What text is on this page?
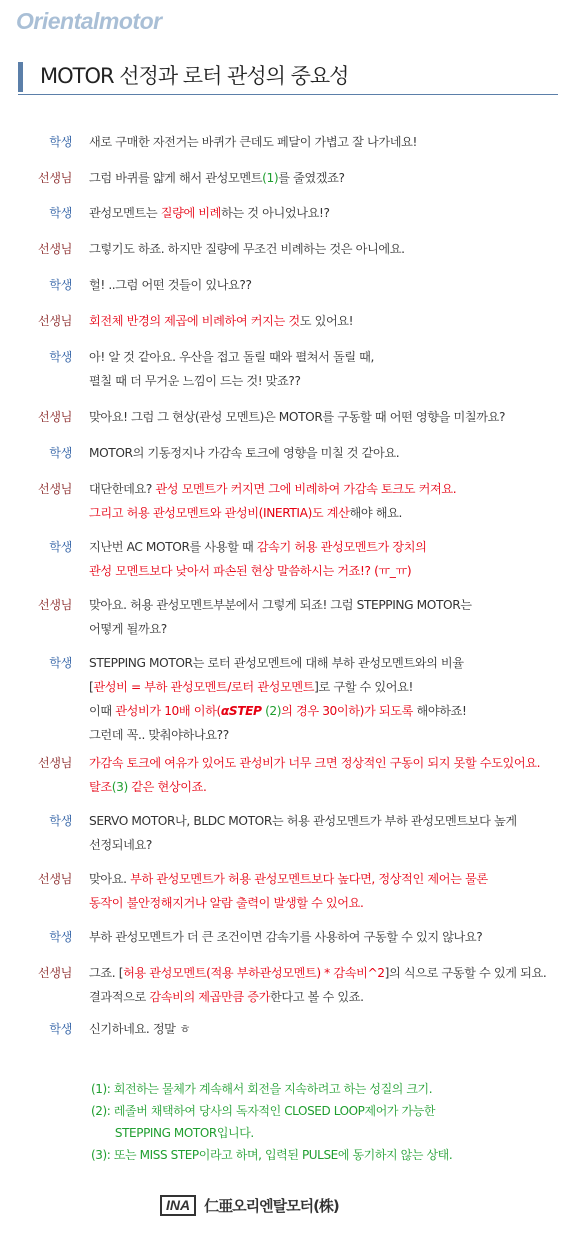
Orientalmotor
MOTOR 선정과 로터 관성의 중요성
학생 새로 구매한 자전거는 바퀴가 큰데도 페달이 가볍고 잘 나가네요!
선생님 그럼 바퀴를 얇게 해서 관성모멘트(1)를 줄였겠죠?
학생 관성모멘트는 질량에 비례하는 것 아니었나요!?
선생님 그렇기도 하죠. 하지만 질량에 무조건 비례하는 것은 아니에요.
학생 헐! ..그럼 어떤 것들이 있나요??
선생님 회전체 반경의 제곱에 비례하여 커지는 것도 있어요!
학생 아! 알 것 같아요. 우산을 접고 돌릴 때와 펼쳐서 돌릴 때,
펼칠 때 더 무거운 느낌이 드는 것! 맞죠??
선생님 맞아요! 그럼 그 현상(관성 모멘트)은 MOTOR를 구동할 때 어떤 영향을 미칠까요?
학생 MOTOR의 기동정지나 가감속 토크에 영향을 미칠 것 같아요.
선생님 대단한데요? 관성 모멘트가 커지면 그에 비례하여 가감속 토크도 커져요.
그리고 허용 관성모멘트와 관성비(INERTIA)도 계산해야 해요.
학생 지난번 AC MOTOR를 사용할 때 감속기 허용 관성모멘트가 장치의
관성 모멘트보다 낮아서 파손된 현상 말씀하시는 거죠!? (ㅠ_ㅠ)
선생님 맞아요. 허용 관성모멘트부분에서 그렇게 되죠! 그럼 STEPPING MOTOR는
어떻게 될까요?
학생 STEPPING MOTOR는 로터 관성모멘트에 대해 부하 관성모멘트와의 비율
[관성비 = 부하 관성모멘트/로터 관성모멘트]로 구할 수 있어요!
이때 관성비가 10배 이하(αSTEP (2)의 경우 30이하)가 되도록 해야하죠!
그런데 꼭.. 맞춰야하나요??
선생님 가감속 토크에 여유가 있어도 관성비가 너무 크면 정상적인 구동이 되지 못할 수도있어요.
탈조(3) 같은 현상이죠.
학생 SERVO MOTOR나, BLDC MOTOR는 허용 관성모멘트가 부하 관성모멘트보다 높게
선정되네요?
선생님 맞아요. 부하 관성모멘트가 허용 관성모멘트보다 높다면, 정상적인 제어는 물론
동작이 불안정해지거나 알람 출력이 발생할 수 있어요.
학생 부하 관성모멘트가 더 큰 조건이면 감속기를 사용하여 구동할 수 있지 않나요?
선생님 그죠. [허용 관성모멘트(적용 부하관성모멘트) * 감속비^2]의 식으로 구동할 수 있게 되요.
결과적으로 감속비의 제곱만큼 증가한다고 볼 수 있죠.
학생 신기하네요. 정말 ㅎ
(1): 회전하는 물체가 계속해서 회전을 지속하려고 하는 성질의 크기.
(2): 레졸버 채택하여 당사의 독자적인 CLOSED LOOP제어가 가능한
STEPPING MOTOR입니다.
(3): 또는 MISS STEP이라고 하며, 입력된 PULSE에 동기하지 않는 상태.
INA 仁亜오리엔탈모터(株)
